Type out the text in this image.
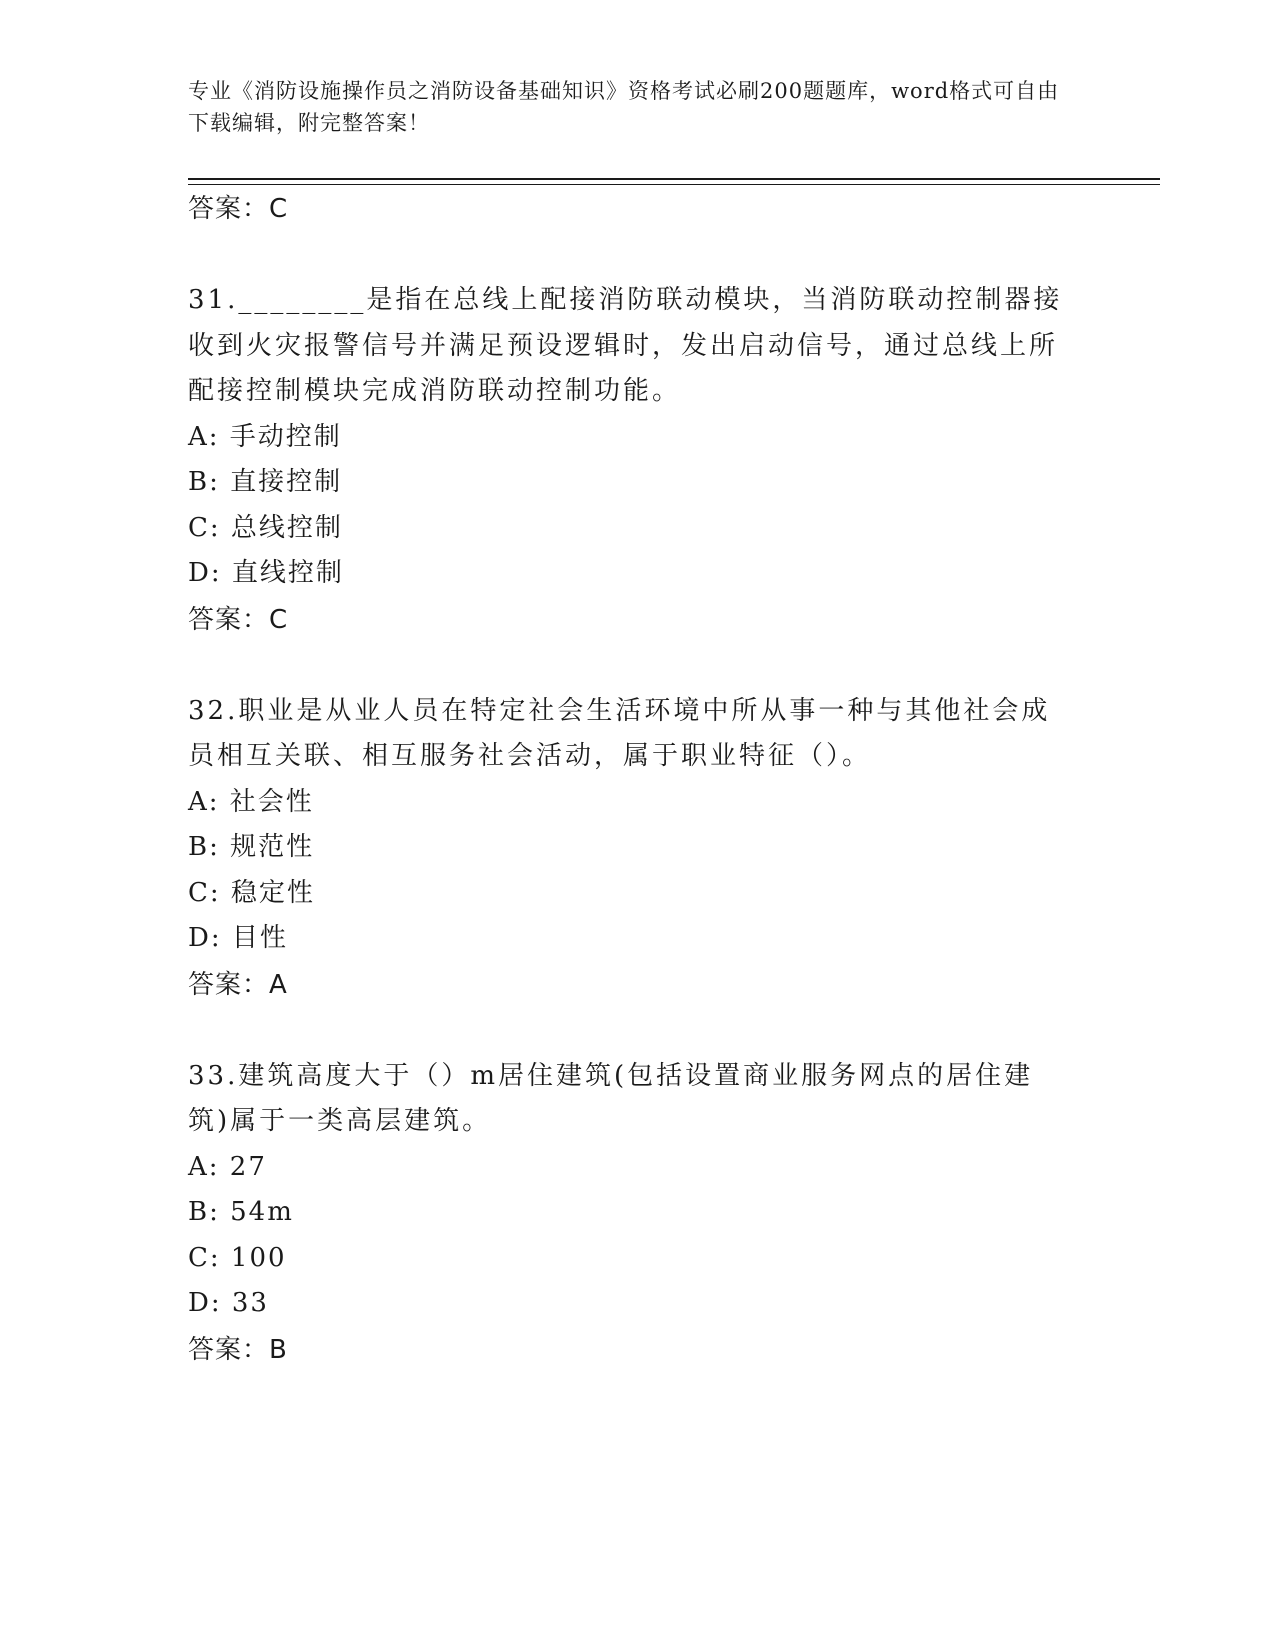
专业《消防设施操作员之消防设备基础知识》资格考试必刷200题题库，word格式可自由下载编辑，附完整答案！
答案：C
31.________是指在总线上配接消防联动模块，当消防联动控制器接收到火灾报警信号并满足预设逻辑时，发出启动信号，通过总线上所配接控制模块完成消防联动控制功能。
A: 手动控制
B: 直接控制
C: 总线控制
D: 直线控制
答案：C
32.职业是从业人员在特定社会生活环境中所从事一种与其他社会成员相互关联、相互服务社会活动，属于职业特征（）。
A: 社会性
B: 规范性
C: 稳定性
D: 目性
答案：A
33.建筑高度大于（）m居住建筑(包括设置商业服务网点的居住建筑)属于一类高层建筑。
A: 27
B: 54m
C: 100
D: 33
答案：B
